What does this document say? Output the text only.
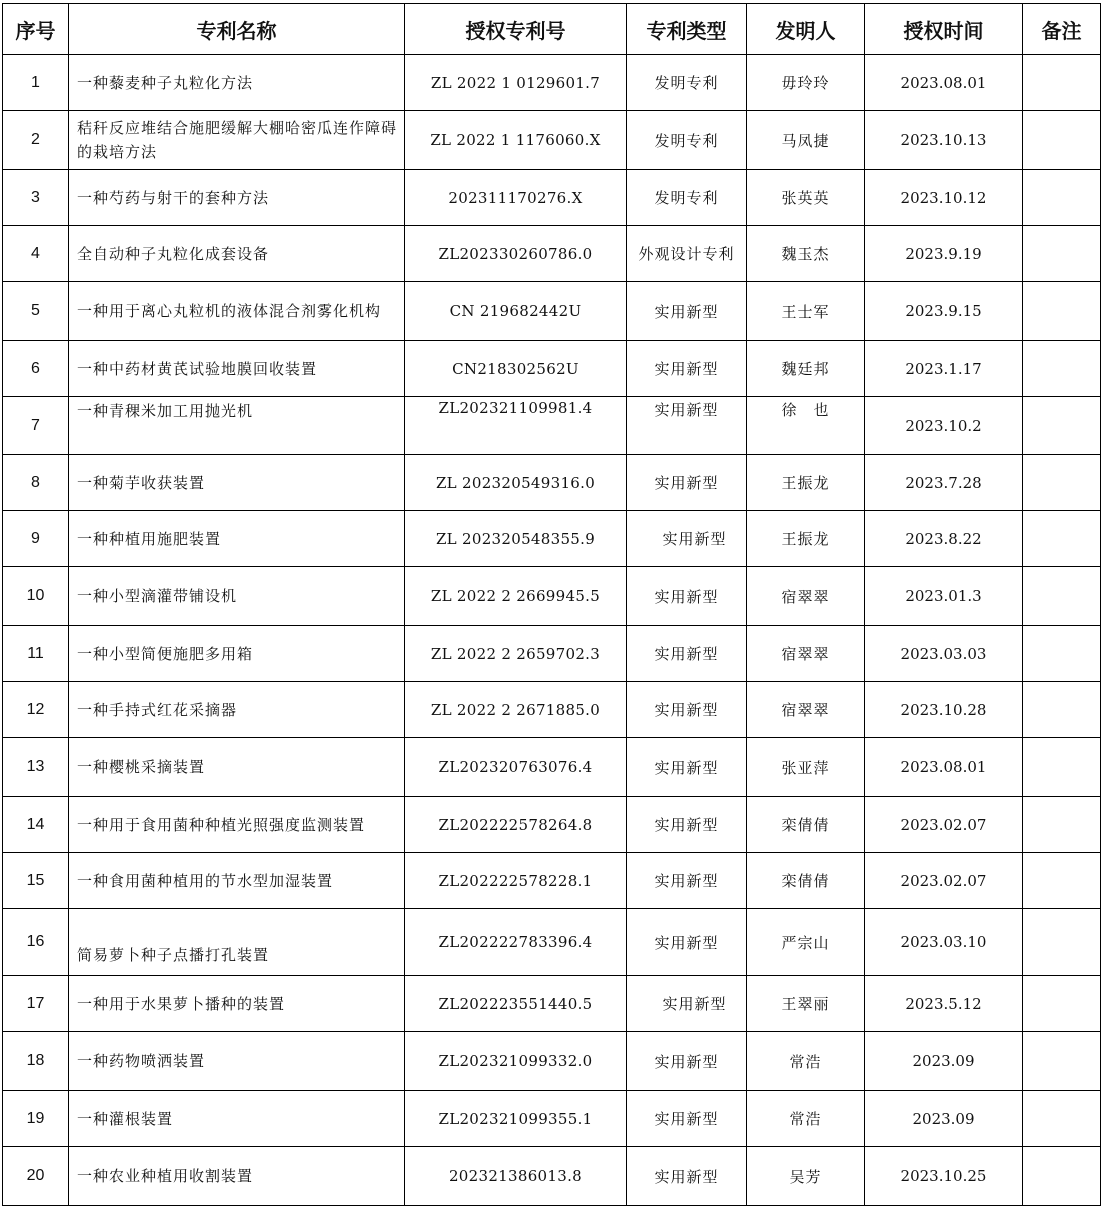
序号	专利名称	授权专利号	专利类型	发明人	授权时间	备注
1	一种藜麦种子丸粒化方法	ZL 2022 1 0129601.7	发明专利	毋玲玲	2023.08.01	
2	秸秆反应堆结合施肥缓解大棚哈密瓜连作障碍的栽培方法	ZL 2022 1 1176060.X	发明专利	马凤捷	2023.10.13	
3	一种芍药与射干的套种方法	202311170276.X	发明专利	张英英	2023.10.12	
4	全自动种子丸粒化成套设备	ZL202330260786.0	外观设计专利	魏玉杰	2023.9.19	
5	一种用于离心丸粒机的液体混合剂雾化机构	CN 219682442U	实用新型	王士军	2023.9.15	
6	一种中药材黄芪试验地膜回收装置	CN218302562U	实用新型	魏廷邦	2023.1.17	
7	一种青稞米加工用抛光机	ZL202321109981.4	实用新型	徐　也	2023.10.2	
8	一种菊芋收获装置	ZL 202320549316.0	实用新型	王振龙	2023.7.28	
9	一种种植用施肥装置	ZL 202320548355.9	实用新型	王振龙	2023.8.22	
10	一种小型滴灌带铺设机	ZL 2022 2 2669945.5	实用新型	宿翠翠	2023.01.3	
11	一种小型简便施肥多用箱	ZL 2022 2 2659702.3	实用新型	宿翠翠	2023.03.03	
12	一种手持式红花采摘器	ZL 2022 2 2671885.0	实用新型	宿翠翠	2023.10.28	
13	一种樱桃采摘装置	ZL202320763076.4	实用新型	张亚萍	2023.08.01	
14	一种用于食用菌种种植光照强度监测装置	ZL202222578264.8	实用新型	栾倩倩	2023.02.07	
15	一种食用菌种植用的节水型加湿装置	ZL202222578228.1	实用新型	栾倩倩	2023.02.07	
16	简易萝卜种子点播打孔装置	ZL202222783396.4	实用新型	严宗山	2023.03.10	
17	一种用于水果萝卜播种的装置	ZL202223551440.5	实用新型	王翠丽	2023.5.12	
18	一种药物喷洒装置	ZL202321099332.0	实用新型	常浩	2023.09	
19	一种灌根装置	ZL202321099355.1	实用新型	常浩	2023.09	
20	一种农业种植用收割装置	202321386013.8	实用新型	吴芳	2023.10.25	
